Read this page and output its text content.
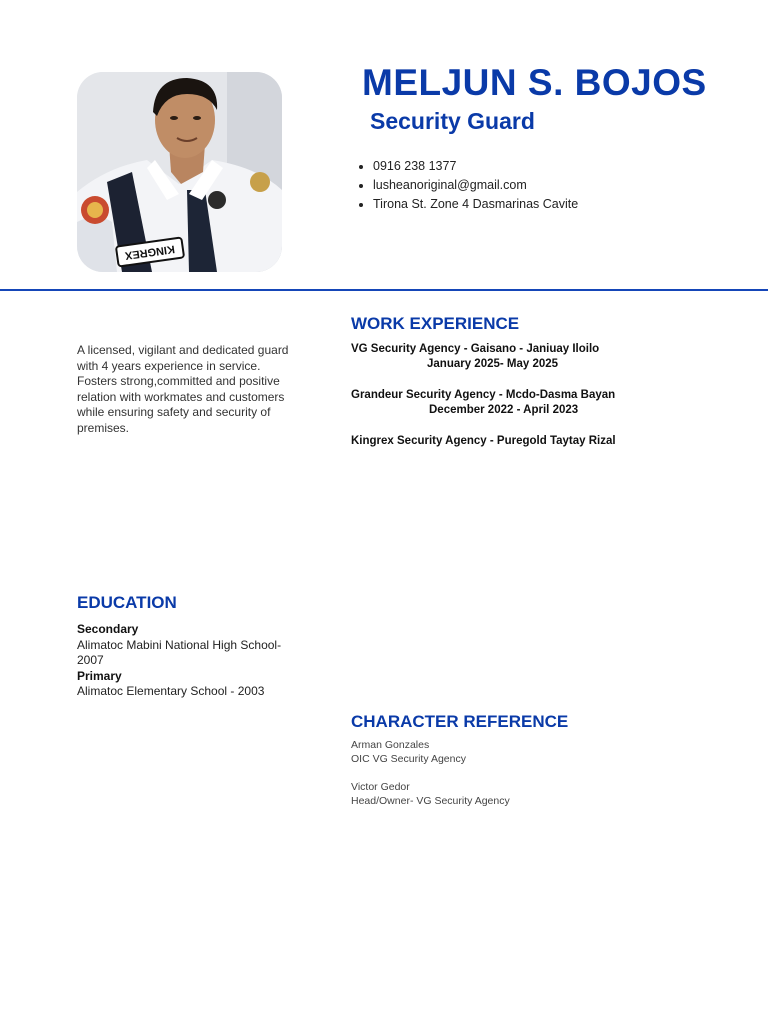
KINGREX
MELJUN S. BOJOS
Security Guard
• 0916 238 1377
• lusheanoriginal@gmail.com
• Tirona St. Zone 4 Dasmarinas Cavite
A licensed, vigilant and dedicated guard with 4 years experience in service. Fosters strong,committed and positive relation with workmates and customers while ensuring safety and security of premises.
WORK EXPERIENCE
VG Security Agency - Gaisano - Janiuay Iloilo
January 2025- May 2025
Grandeur Security Agency - Mcdo-Dasma Bayan
December 2022 - April 2023
Kingrex Security Agency - Puregold Taytay Rizal
EDUCATION
Secondary
Alimatoc Mabini National High School- 2007
Primary
Alimatoc Elementary School - 2003
CHARACTER REFERENCE
Arman Gonzales
OIC VG Security Agency
Victor Gedor
Head/Owner- VG Security Agency
